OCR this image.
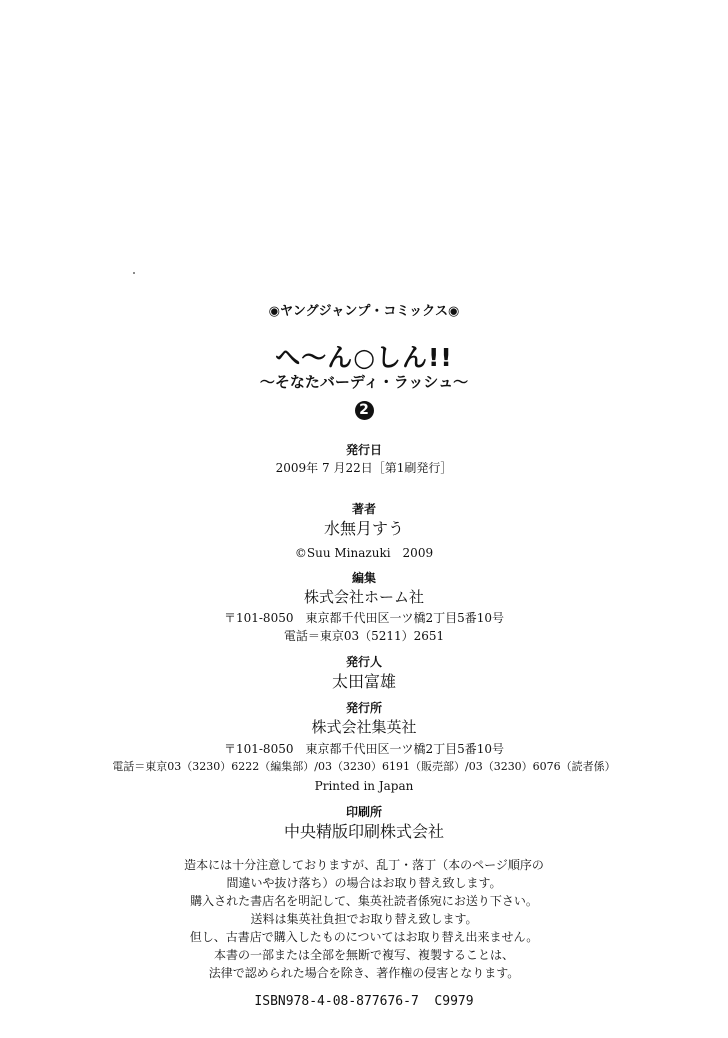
◉ヤングジャンプ・コミックス◉
へ〜ん○しん!!
〜そなたバーディ・ラッシュ〜
2
発行日
2009年 7 月22日［第1刷発行］
著者
水無月すう
©Suu Minazuki　2009
編集
株式会社ホーム社
〒101-8050　東京都千代田区一ツ橋2丁目5番10号
電話＝東京03（5211）2651
発行人
太田富雄
発行所
株式会社集英社
〒101-8050　東京都千代田区一ツ橋2丁目5番10号
電話＝東京03（3230）6222（編集部）/03（3230）6191（販売部）/03（3230）6076（読者係）
Printed in Japan
印刷所
中央精版印刷株式会社
造本には十分注意しておりますが、乱丁・落丁（本のページ順序の
間違いや抜け落ち）の場合はお取り替え致します。
購入された書店名を明記して、集英社読者係宛にお送り下さい。
送料は集英社負担でお取り替え致します。
但し、古書店で購入したものについてはお取り替え出来ません。
本書の一部または全部を無断で複写、複製することは、
法律で認められた場合を除き、著作権の侵害となります。
ISBN978-4-08-877676-7  C9979
